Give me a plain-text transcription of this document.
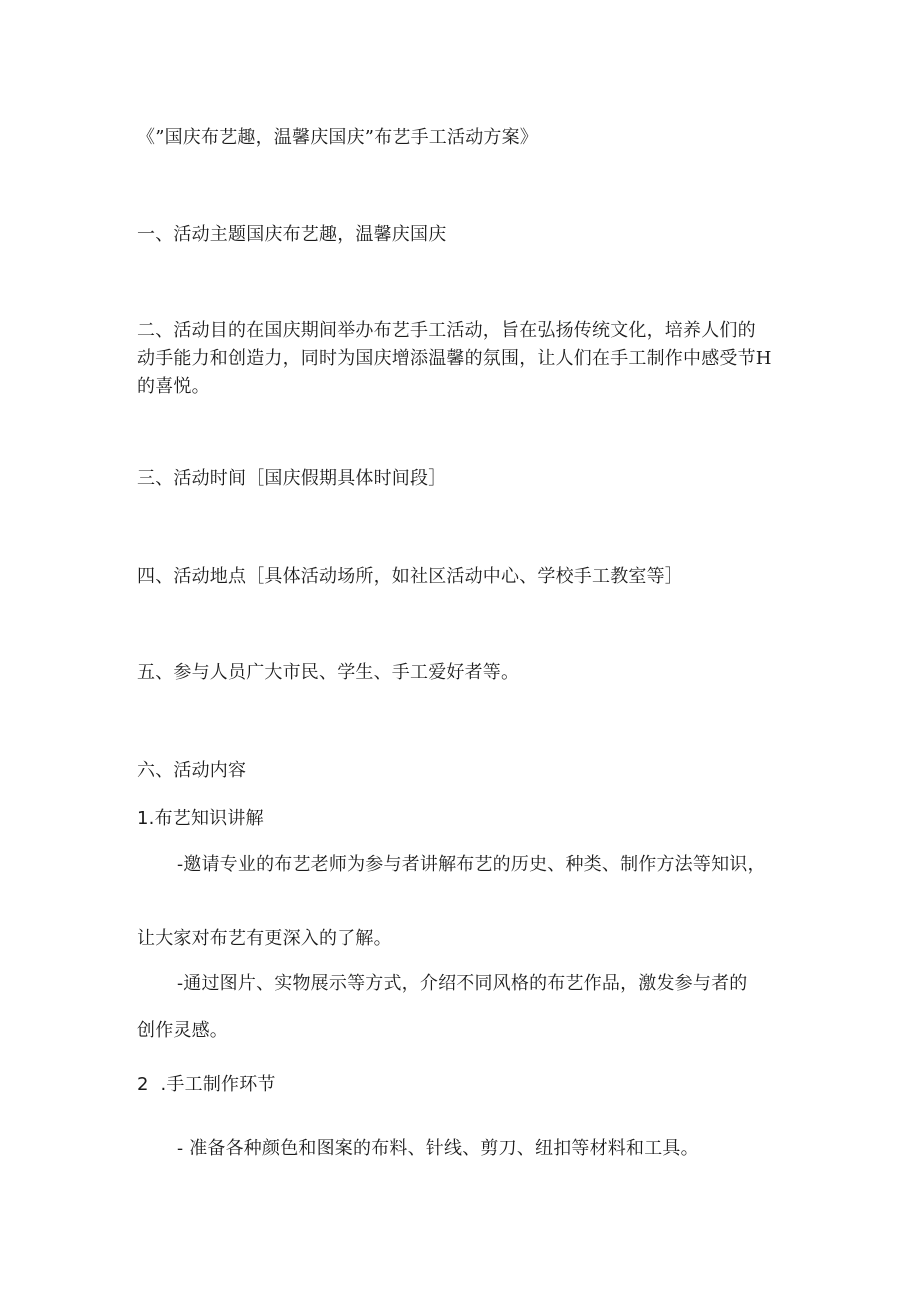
《”国庆布艺趣，温馨庆国庆”布艺手工活动方案》

一、活动主题国庆布艺趣，温馨庆国庆

二、活动目的在国庆期间举办布艺手工活动，旨在弘扬传统文化，培养人们的

动手能力和创造力，同时为国庆增添温馨的氛围，让人们在手工制作中感受节H

的喜悦。

三、活动时间［国庆假期具体时间段］

四、活动地点［具体活动场所，如社区活动中心、学校手工教室等］

五、参与人员广大市民、学生、手工爱好者等。

六、活动内容

1.布艺知识讲解

-邀请专业的布艺老师为参与者讲解布艺的历史、种类、制作方法等知识，

让大家对布艺有更深入的了解。

-通过图片、实物展示等方式，介绍不同风格的布艺作品，激发参与者的

创作灵感。

2  .手工制作环节

- 准备各种颜色和图案的布料、针线、剪刀、纽扣等材料和工具。
